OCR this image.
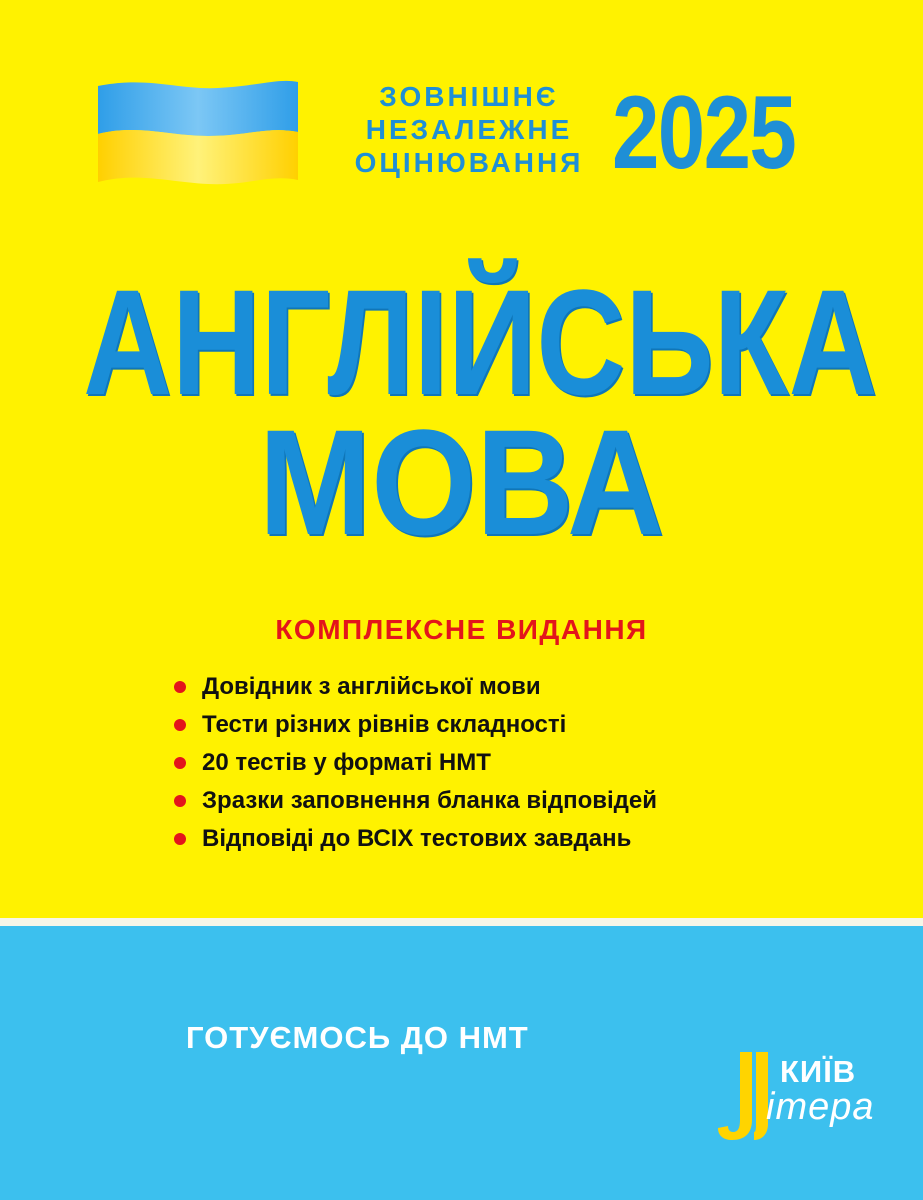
ЗОВНІШНЄ
НЕЗАЛЕЖНЕ
ОЦІНЮВАННЯ 2025
АНГЛІЙСЬКА
МОВА
КОМПЛЕКСНЕ ВИДАННЯ
Довідник з англійської мови
Тести різних рівнів складності
20 тестів у форматі НМТ
Зразки заповнення бланка відповідей
Відповіді до ВСІХ тестових завдань
ГОТУЄМОСЬ ДО НМТ
КИЇВ
ітера
